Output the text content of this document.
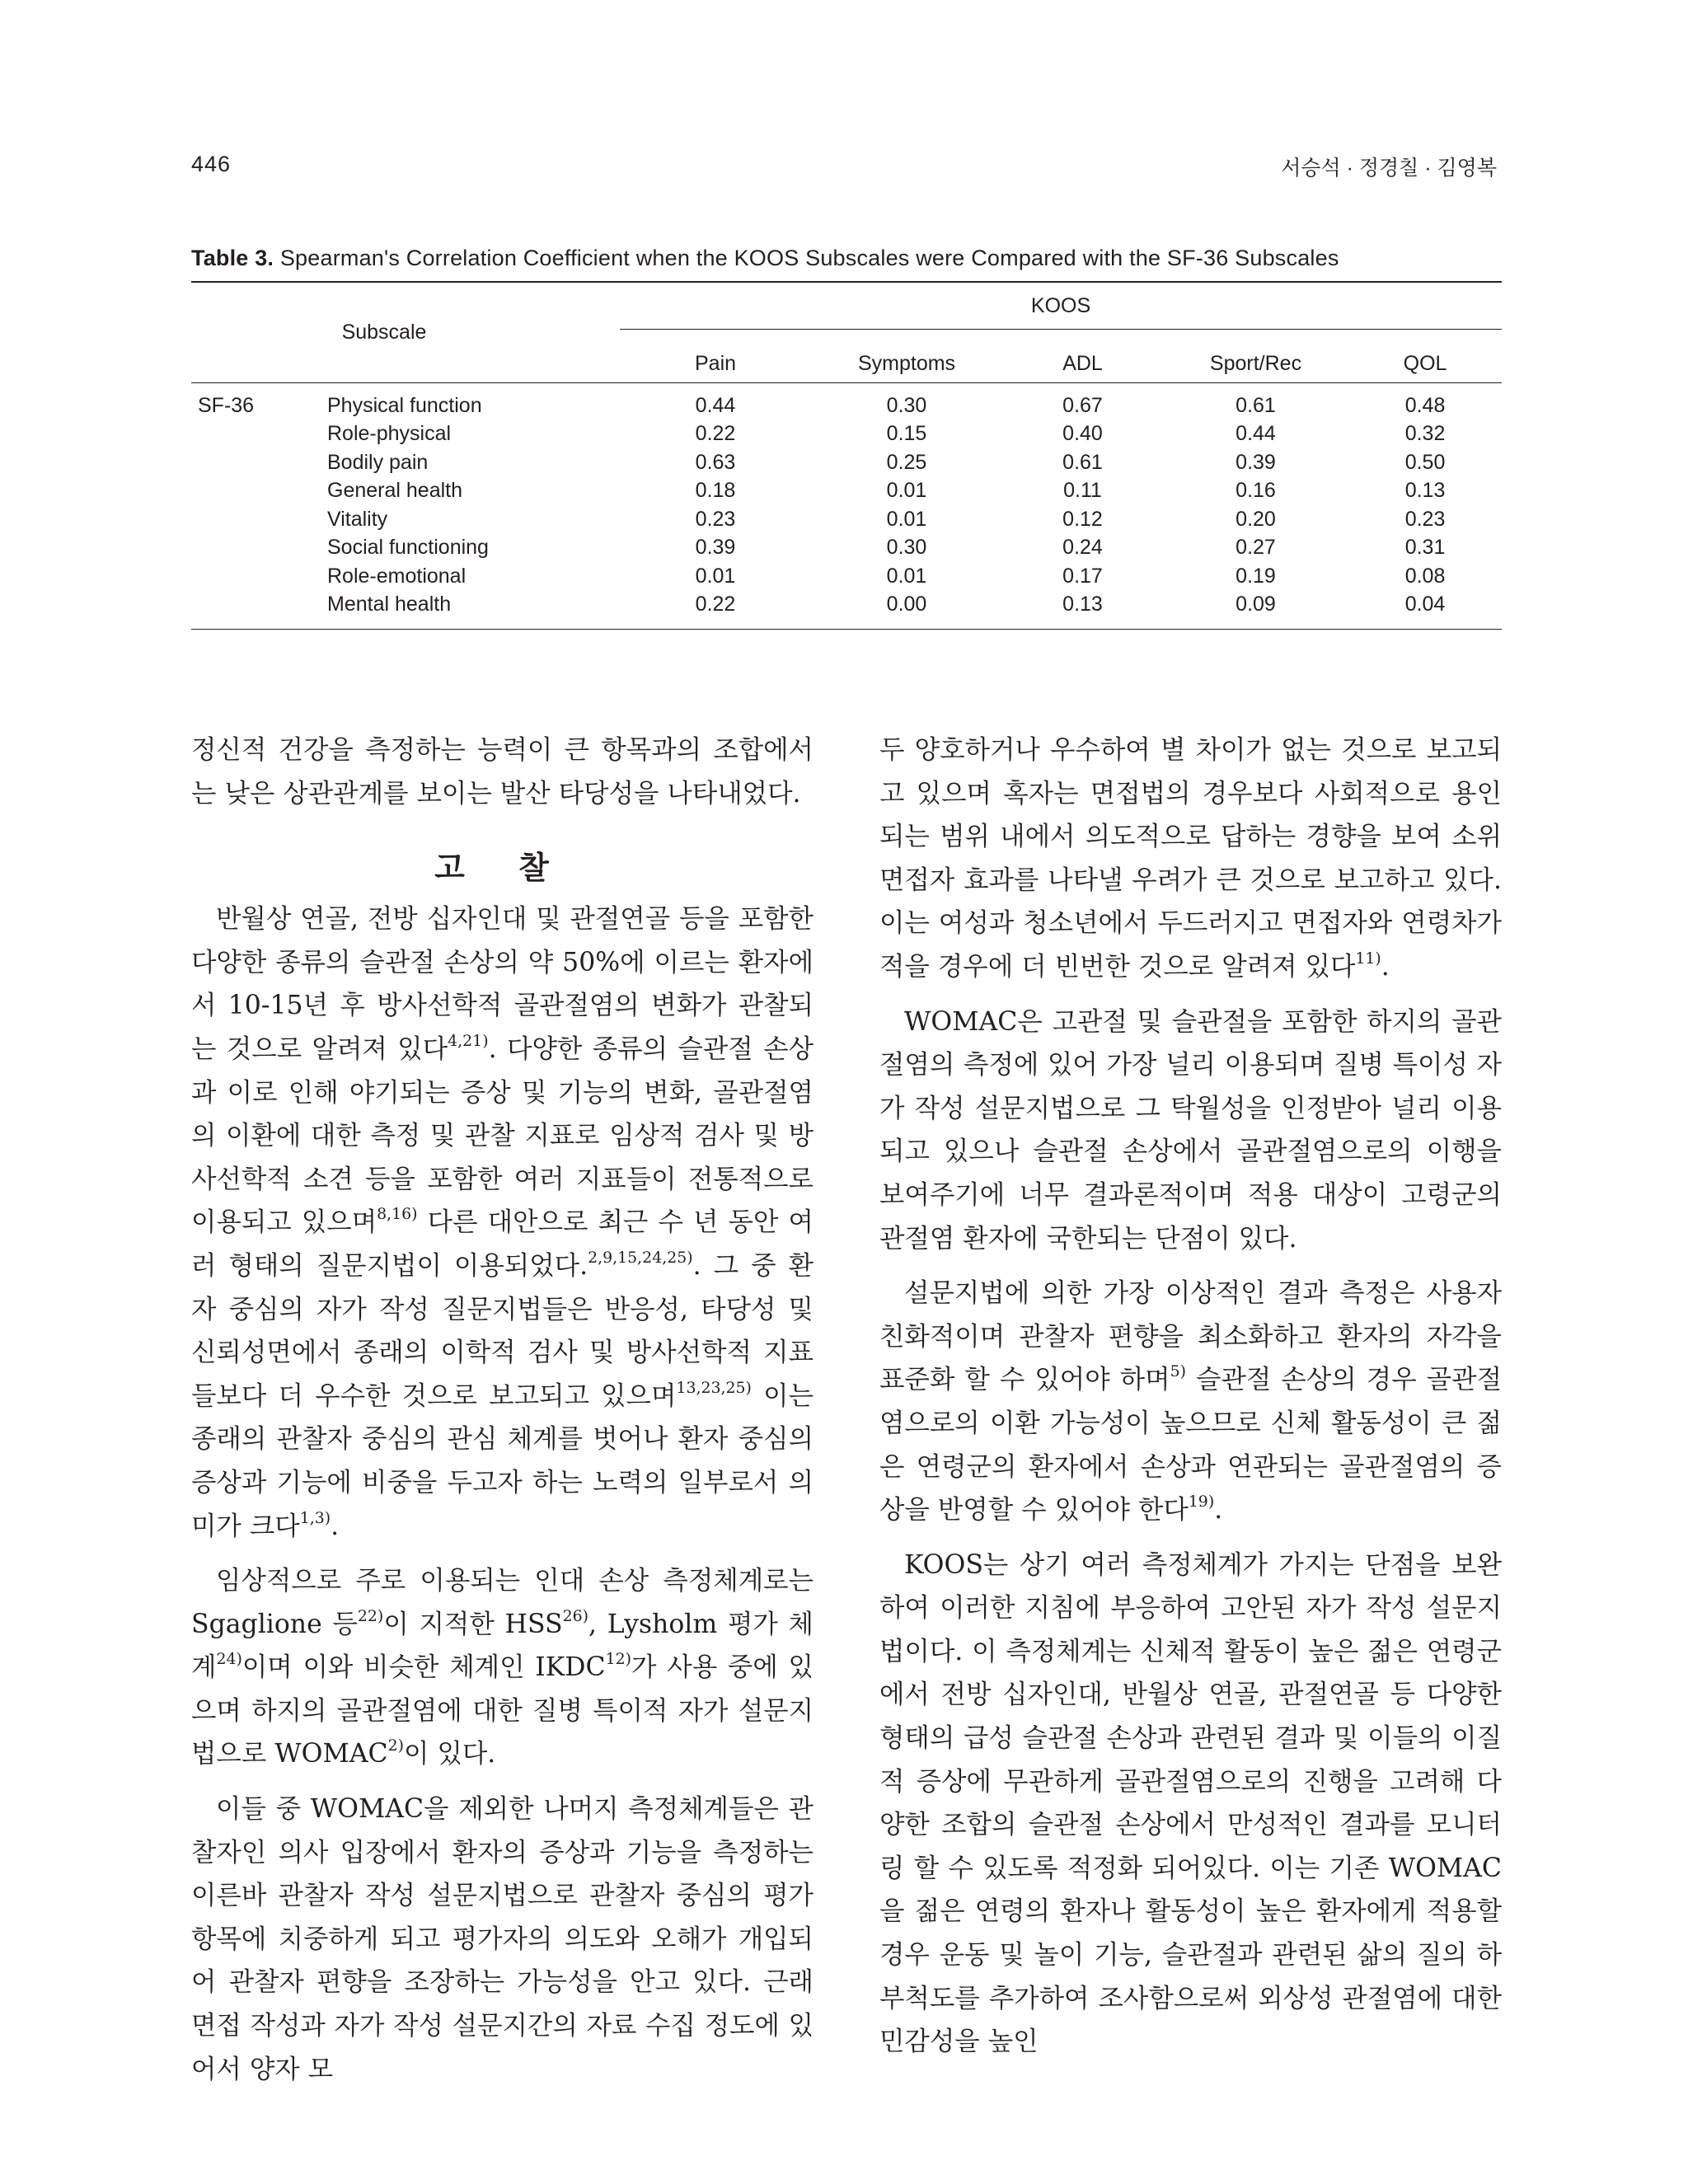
446	서승석 · 정경칠 · 김영복
Table 3. Spearman's Correlation Coefficient when the KOOS Subscales were Compared with the SF-36 Subscales
Subscale		KOOS				
		Pain	Symptoms	ADL	Sport/Rec	QOL
SF-36	Physical function	0.44	0.30	0.67	0.61	0.48
	Role-physical	0.22	0.15	0.40	0.44	0.32
	Bodily pain	0.63	0.25	0.61	0.39	0.50
	General health	0.18	0.01	0.11	0.16	0.13
	Vitality	0.23	0.01	0.12	0.20	0.23
	Social functioning	0.39	0.30	0.24	0.27	0.31
	Role-emotional	0.01	0.01	0.17	0.19	0.08
	Mental health	0.22	0.00	0.13	0.09	0.04

정신적 건강을 측정하는 능력이 큰 항목과의 조합에서는 낮은 상관관계를 보이는 발산 타당성을 나타내었다.

고 찰

반월상 연골, 전방 십자인대 및 관절연골 등을 포함한 다양한 종류의 슬관절 손상의 약 50%에 이르는 환자에서 10-15년 후 방사선학적 골관절염의 변화가 관찰되는 것으로 알려져 있다$^{4,21)}$. 다양한 종류의 슬관절 손상과 이로 인해 야기되는 증상 및 기능의 변화, 골관절염의 이환에 대한 측정 및 관찰 지표로 임상적 검사 및 방사선학적 소견 등을 포함한 여러 지표들이 전통적으로 이용되고 있으며$^{8,16)}$ 다른 대안으로 최근 수 년 동안 여러 형태의 질문지법이 이용되었다.$^{2,9,15,24,25)}$. 그 중 환자 중심의 자가 작성 질문지법들은 반응성, 타당성 및 신뢰성면에서 종래의 이학적 검사 및 방사선학적 지표들보다 더 우수한 것으로 보고되고 있으며$^{13,23,25)}$ 이는 종래의 관찰자 중심의 관심 체계를 벗어나 환자 중심의 증상과 기능에 비중을 두고자 하는 노력의 일부로서 의미가 크다$^{1,3)}$.

임상적으로 주로 이용되는 인대 손상 측정체계로는 Sgaglione 등$^{22)}$이 지적한 HSS$^{26)}$, Lysholm 평가 체계$^{24)}$이며 이와 비슷한 체계인 IKDC$^{12)}$가 사용 중에 있으며 하지의 골관절염에 대한 질병 특이적 자가 설문지법으로 WOMAC$^{2)}$이 있다.

이들 중 WOMAC을 제외한 나머지 측정체계들은 관찰자인 의사 입장에서 환자의 증상과 기능을 측정하는 이른바 관찰자 작성 설문지법으로 관찰자 중심의 평가항목에 치중하게 되고 평가자의 의도와 오해가 개입되어 관찰자 편향을 조장하는 가능성을 안고 있다. 근래 면접 작성과 자가 작성 설문지간의 자료 수집 정도에 있어서 양자 모

두 양호하거나 우수하여 별 차이가 없는 것으로 보고되고 있으며 혹자는 면접법의 경우보다 사회적으로 용인되는 범위 내에서 의도적으로 답하는 경향을 보여 소위 면접자 효과를 나타낼 우려가 큰 것으로 보고하고 있다. 이는 여성과 청소년에서 두드러지고 면접자와 연령차가 적을 경우에 더 빈번한 것으로 알려져 있다$^{11)}$.

WOMAC은 고관절 및 슬관절을 포함한 하지의 골관절염의 측정에 있어 가장 널리 이용되며 질병 특이성 자가 작성 설문지법으로 그 탁월성을 인정받아 널리 이용되고 있으나 슬관절 손상에서 골관절염으로의 이행을 보여주기에 너무 결과론적이며 적용 대상이 고령군의 관절염 환자에 국한되는 단점이 있다.

설문지법에 의한 가장 이상적인 결과 측정은 사용자 친화적이며 관찰자 편향을 최소화하고 환자의 자각을 표준화 할 수 있어야 하며$^{5)}$ 슬관절 손상의 경우 골관절염으로의 이환 가능성이 높으므로 신체 활동성이 큰 젊은 연령군의 환자에서 손상과 연관되는 골관절염의 증상을 반영할 수 있어야 한다$^{19)}$.

KOOS는 상기 여러 측정체계가 가지는 단점을 보완하여 이러한 지침에 부응하여 고안된 자가 작성 설문지법이다. 이 측정체계는 신체적 활동이 높은 젊은 연령군에서 전방 십자인대, 반월상 연골, 관절연골 등 다양한 형태의 급성 슬관절 손상과 관련된 결과 및 이들의 이질적 증상에 무관하게 골관절염으로의 진행을 고려해 다양한 조합의 슬관절 손상에서 만성적인 결과를 모니터링 할 수 있도록 적정화 되어있다. 이는 기존 WOMAC을 젊은 연령의 환자나 활동성이 높은 환자에게 적용할 경우 운동 및 놀이 기능, 슬관절과 관련된 삶의 질의 하부척도를 추가하여 조사함으로써 외상성 관절염에 대한 민감성을 높인
